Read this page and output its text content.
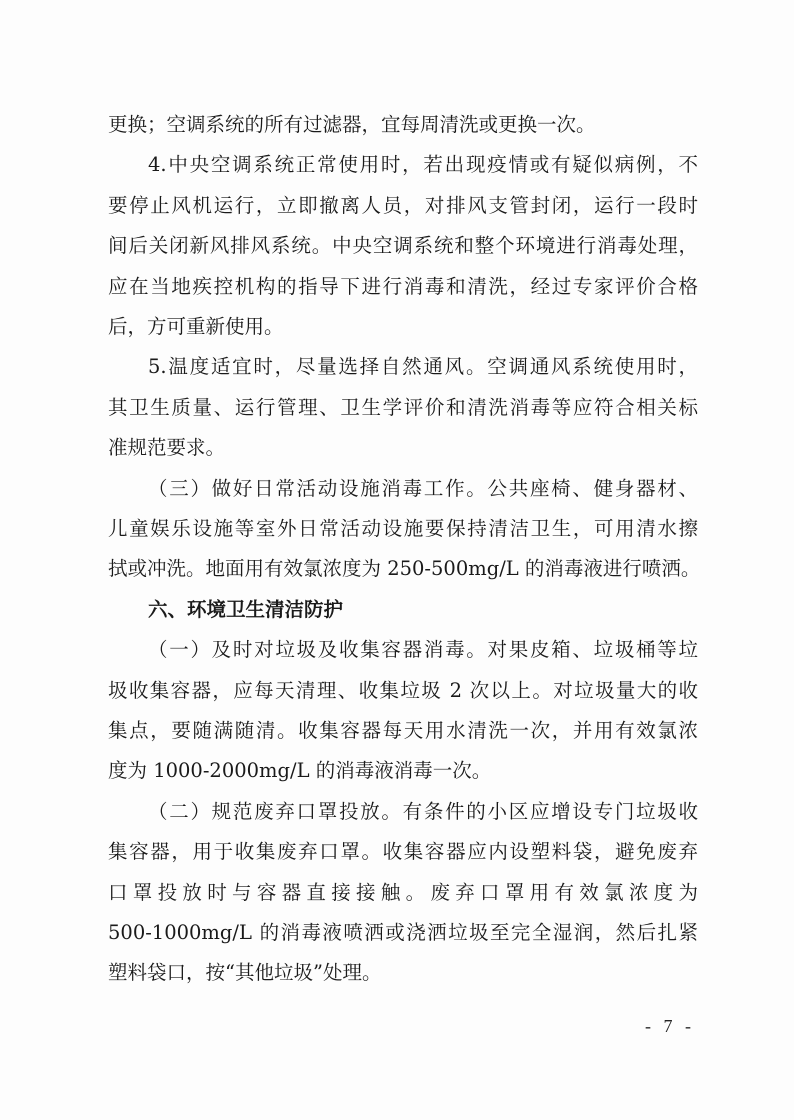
更换；空调系统的所有过滤器，宜每周清洗或更换一次。
4.中央空调系统正常使用时，若出现疫情或有疑似病例，不
要停止风机运行，立即撤离人员，对排风支管封闭，运行一段时
间后关闭新风排风系统。中央空调系统和整个环境进行消毒处理，
应在当地疾控机构的指导下进行消毒和清洗，经过专家评价合格
后，方可重新使用。
5.温度适宜时，尽量选择自然通风。空调通风系统使用时，
其卫生质量、运行管理、卫生学评价和清洗消毒等应符合相关标
准规范要求。
（三）做好日常活动设施消毒工作。公共座椅、健身器材、
儿童娱乐设施等室外日常活动设施要保持清洁卫生，可用清水擦
拭或冲洗。地面用有效氯浓度为 250-500mg/L 的消毒液进行喷洒。
六、环境卫生清洁防护
（一）及时对垃圾及收集容器消毒。对果皮箱、垃圾桶等垃
圾收集容器，应每天清理、收集垃圾 2 次以上。对垃圾量大的收
集点，要随满随清。收集容器每天用水清洗一次，并用有效氯浓
度为 1000-2000mg/L 的消毒液消毒一次。
（二）规范废弃口罩投放。有条件的小区应增设专门垃圾收
集容器，用于收集废弃口罩。收集容器应内设塑料袋，避免废弃
口罩投放时与容器直接接触。废弃口罩用有效氯浓度为
500-1000mg/L 的消毒液喷洒或浇洒垃圾至完全湿润，然后扎紧
塑料袋口，按“其他垃圾”处理。
- 7 -
